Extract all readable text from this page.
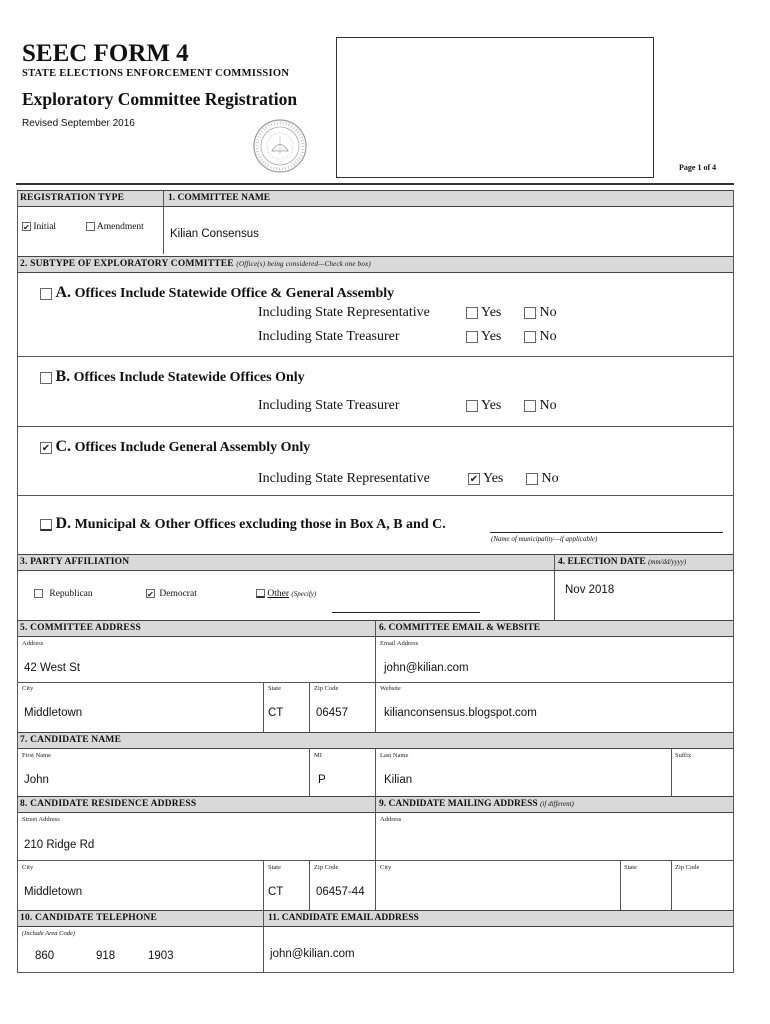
SEEC FORM 4
STATE ELECTIONS ENFORCEMENT COMMISSION
Exploratory Committee Registration
Revised September 2016
Page 1 of 4
REGISTRATION TYPE	1. COMMITTEE NAME
✔ Initial	Amendment
Kilian Consensus
2. SUBTYPE OF EXPLORATORY COMMITTEE (Office(s) being considered—Check one box)
A. Offices Include Statewide Office & General Assembly
Including State Representative	Yes	No
Including State Treasurer	Yes	No
B. Offices Include Statewide Offices Only
Including State Treasurer	Yes	No
✔ C. Offices Include General Assembly Only
Including State Representative	✔ Yes	No
D. Municipal & Other Offices excluding those in Box A, B and C.
(Name of municipality—if applicable)
3. PARTY AFFILIATION	4. ELECTION DATE (mm/dd/yyyy)
Republican	✔ Democrat	Other (Specify)	Nov 2018
5. COMMITTEE ADDRESS	6. COMMITTEE EMAIL & WEBSITE
Address
42 West St
Email Address
john@kilian.com
City	State	Zip Code	Website
Middletown	CT	06457	kilianconsensus.blogspot.com
7. CANDIDATE NAME
First Name	MI	Last Name	Suffix
John	P	Kilian
8. CANDIDATE RESIDENCE ADDRESS	9. CANDIDATE MAILING ADDRESS (if different)
Street Address	Address
210 Ridge Rd
City	State	Zip Code	City	State	Zip Code
Middletown	CT	06457-44
10. CANDIDATE TELEPHONE	11. CANDIDATE EMAIL ADDRESS
(Include Area Code)
860	918	1903	john@kilian.com
